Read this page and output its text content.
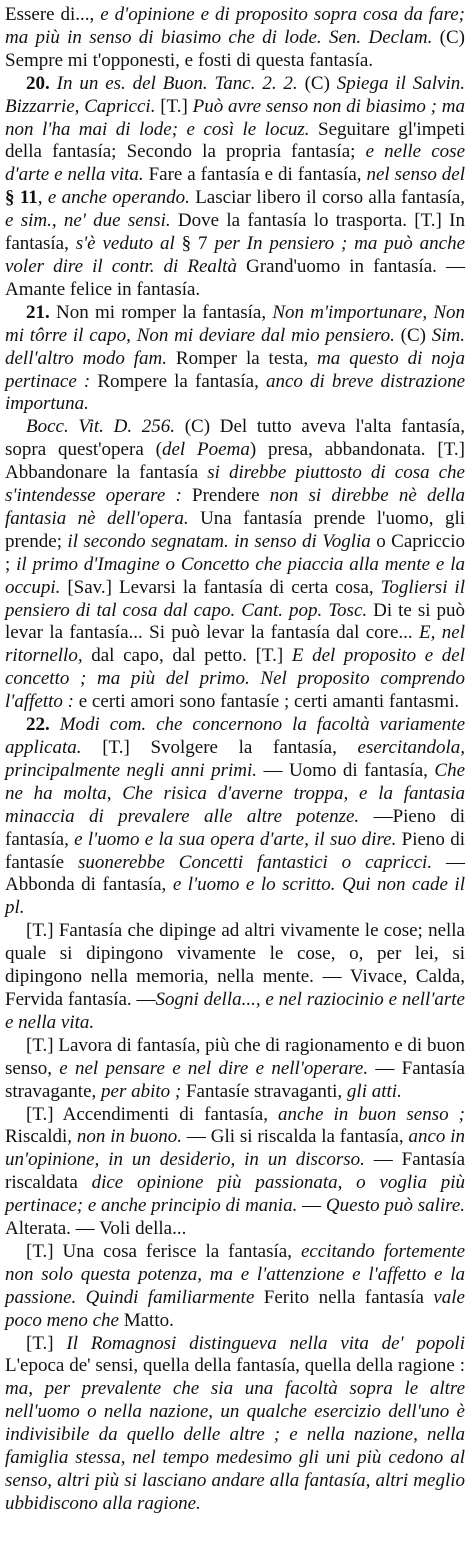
Essere di..., e d'opinione e di proposito sopra cosa da fare; ma più in senso di biasimo che di lode. Sen. Declam. (C) Sempre mi t'opponesti, e fosti di questa fantasía.

20. In un es. del Buon. Tanc. 2. 2. (C) Spiega il Salvin. Bizzarrie, Capricci. [T.] Può avre senso non di biasimo ; ma non l'ha mai di lode; e così le locuz. Seguitare gl'impeti della fantasía; Secondo la propria fantasía; e nelle cose d'arte e nella vita. Fare a fantasía e di fantasía, nel senso del § 11, e anche operando. Lasciar libero il corso alla fantasía, e sim., ne' due sensi. Dove la fantasía lo trasporta. [T.] In fantasía, s'è veduto al § 7 per In pensiero ; ma può anche voler dire il contr. di Realtà Grand'uomo in fantasía. — Amante felice in fantasía.

21. Non mi romper la fantasía, Non m'importunare, Non mi tôrre il capo, Non mi deviare dal mio pensiero. (C) Sim. dell'altro modo fam. Romper la testa, ma questo di noja pertinace : Rompere la fantasía, anco di breve distrazione importuna.

Bocc. Vit. D. 256. (C) Del tutto aveva l'alta fantasía, sopra quest'opera (del Poema) presa, abbandonata. [T.] Abbandonare la fantasía si direbbe piuttosto di cosa che s'intendesse operare : Prendere non si direbbe nè della fantasia nè dell'opera. Una fantasía prende l'uomo, gli prende; il secondo segnatam. in senso di Voglia o Capriccio ; il primo d'Imagine o Concetto che piaccia alla mente e la occupi. [Sav.] Levarsi la fantasía di certa cosa, Togliersi il pensiero di tal cosa dal capo. Cant. pop. Tosc. Di te si può levar la fantasía... Si può levar la fantasía dal core... E, nel ritornello, dal capo, dal petto. [T.] E del proposito e del concetto ; ma più del primo. Nel proposito comprendo l'affetto : e certi amori sono fantasíe ; certi amanti fantasmi.

22. Modi com. che concernono la facoltà variamente applicata. [T.] Svolgere la fantasía, esercitandola, principalmente negli anni primi. — Uomo di fantasía, Che ne ha molta, Che risica d'averne troppa, e la fantasia minaccia di prevalere alle altre potenze. —Pieno di fantasía, e l'uomo e la sua opera d'arte, il suo dire. Pieno di fantasíe suonerebbe Concetti fantastici o capricci. — Abbonda di fantasía, e l'uomo e lo scritto. Qui non cade il pl.

[T.] Fantasía che dipinge ad altri vivamente le cose; nella quale si dipingono vivamente le cose, o, per lei, si dipingono nella memoria, nella mente. — Vivace, Calda, Fervida fantasía. —Sogni della..., e nel raziocinio e nell'arte e nella vita.

[T.] Lavora di fantasía, più che di ragionamento e di buon senso, e nel pensare e nel dire e nell'operare. — Fantasía stravagante, per abito ; Fantasíe stravaganti, gli atti.

[T.] Accendimenti di fantasía, anche in buon senso ; Riscaldi, non in buono. — Gli si riscalda la fantasía, anco in un'opinione, in un desiderio, in un discorso. — Fantasía riscaldata dice opinione più passionata, o voglia più pertinace; e anche principio di mania. — Questo può salire. Alterata. — Voli della...

[T.] Una cosa ferisce la fantasía, eccitando fortemente non solo questa potenza, ma e l'attenzione e l'affetto e la passione. Quindi familiarmente Ferito nella fantasía vale poco meno che Matto.

[T.] Il Romagnosi distingueva nella vita de' popoli L'epoca de' sensi, quella della fantasía, quella della ragione : ma, per prevalente che sia una facoltà sopra le altre nell'uomo o nella nazione, un qualche esercizio dell'uno è indivisibile da quello delle altre ; e nella nazione, nella famiglia stessa, nel tempo medesimo gli uni più cedono al senso, altri più si lasciano andare alla fantasía, altri meglio ubbidiscono alla ragione.
